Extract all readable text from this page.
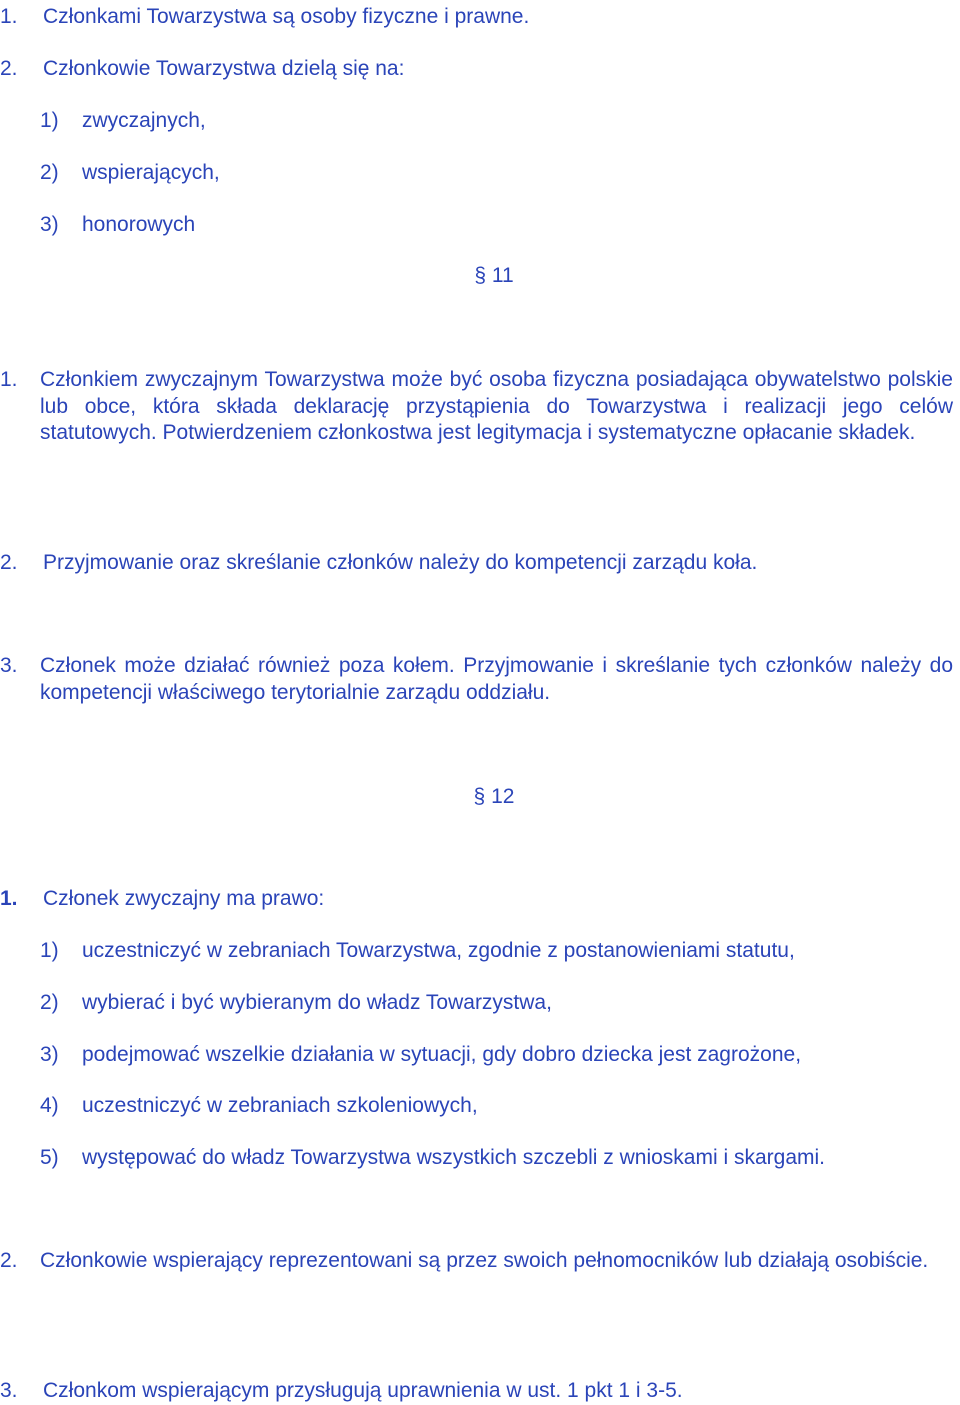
1. Członkami Towarzystwa są osoby fizyczne i prawne.
2. Członkowie Towarzystwa dzielą się na:
1) zwyczajnych,
2) wspierających,
3) honorowych
§ 11
1. Członkiem zwyczajnym Towarzystwa może być osoba fizyczna posiadająca obywatelstwo polskie lub obce, która składa deklarację przystąpienia do Towarzystwa i realizacji jego celów statutowych. Potwierdzeniem członkostwa jest legitymacja i systematyczne opłacanie składek.
2. Przyjmowanie oraz skreślanie członków należy do kompetencji zarządu koła.
3. Członek może działać również poza kołem. Przyjmowanie i skreślanie tych członków należy do kompetencji właściwego terytorialnie zarządu oddziału.
§ 12
1. Członek zwyczajny ma prawo:
1) uczestniczyć w zebraniach Towarzystwa, zgodnie z postanowieniami statutu,
2) wybierać i być wybieranym do władz Towarzystwa,
3) podejmować wszelkie działania w sytuacji, gdy dobro dziecka jest zagrożone,
4) uczestniczyć w zebraniach szkoleniowych,
5) występować do władz Towarzystwa wszystkich szczebli z wnioskami i skargami.
2. Członkowie wspierający reprezentowani są przez swoich pełnomocników lub działają osobiście.
3. Członkom wspierającym przysługują uprawnienia w ust. 1 pkt 1 i 3-5.
